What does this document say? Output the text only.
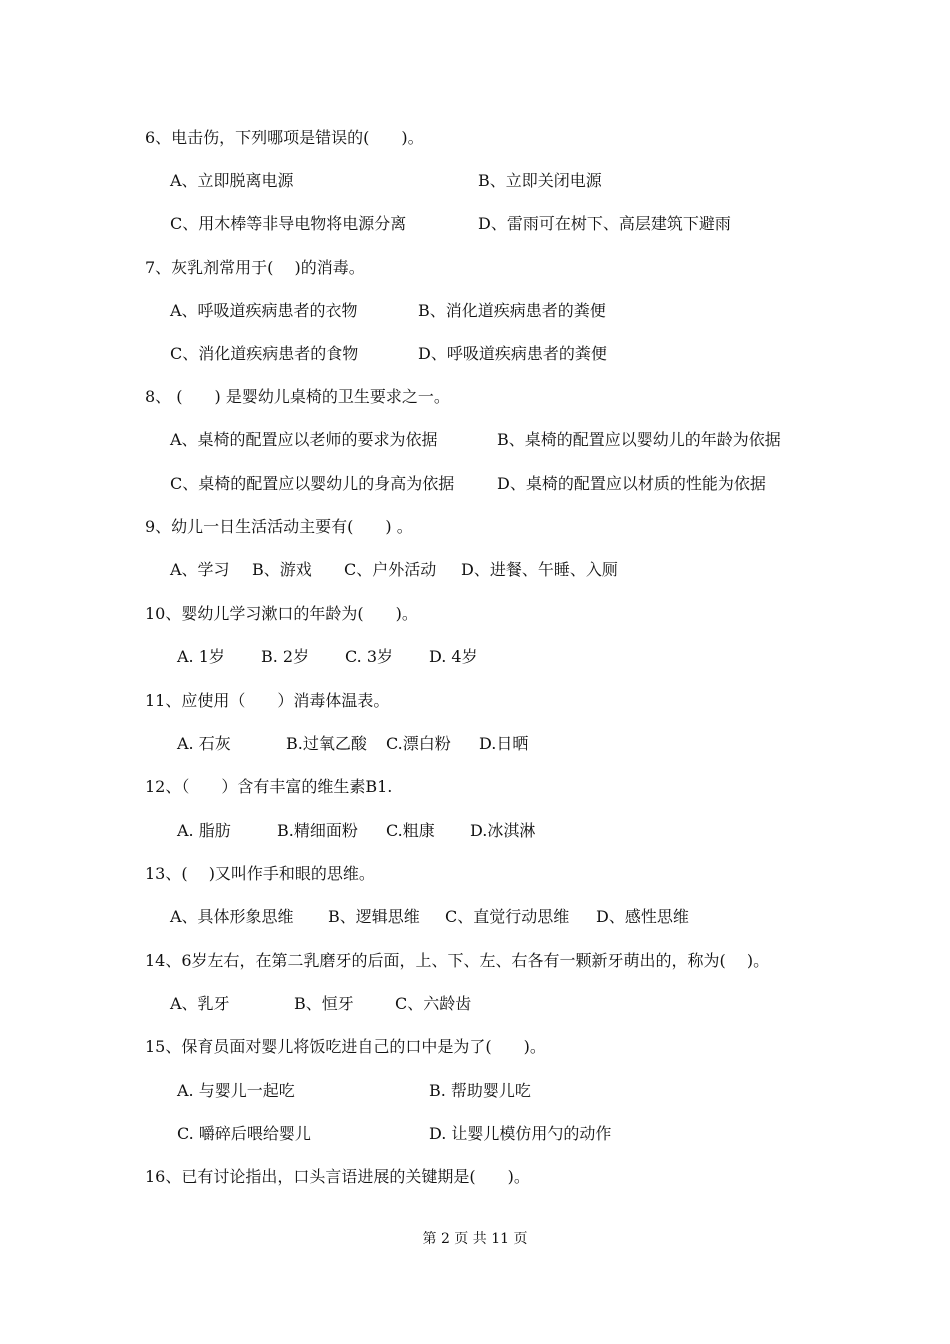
6、电击伤，下列哪项是错误的(　　)。
A、立即脱离电源	B、立即关闭电源
C、用木棒等非导电物将电源分离	D、雷雨可在树下、高层建筑下避雨
7、灰乳剂常用于(　 )的消毒。
A、呼吸道疾病患者的衣物	B、消化道疾病患者的粪便
C、消化道疾病患者的食物	D、呼吸道疾病患者的粪便
8、 (　　) 是婴幼儿桌椅的卫生要求之一。
A、桌椅的配置应以老师的要求为依据	B、桌椅的配置应以婴幼儿的年龄为依据
C、桌椅的配置应以婴幼儿的身高为依据	D、桌椅的配置应以材质的性能为依据
9、幼儿一日生活活动主要有(　　) 。
A、学习 B、游戏 C、户外活动 D、进餐、午睡、入厕
10、婴幼儿学习漱口的年龄为(　　)。
A. 1岁 B. 2岁 C. 3岁 D. 4岁
11、应使用（　　）消毒体温表。
A. 石灰	B.过氧乙酸 C.漂白粉 D.日晒
12、（　　）含有丰富的维生素B1.
A. 脂肪	B.精细面粉 C.粗康 D.冰淇淋
13、(　 )又叫作手和眼的思维。
A、具体形象思维 B、逻辑思维 C、直觉行动思维 D、感性思维
14、6岁左右，在第二乳磨牙的后面，上、下、左、右各有一颗新牙萌出的，称为(　 )。
A、乳牙	B、恒牙	C、六龄齿
15、保育员面对婴儿将饭吃进自己的口中是为了(　　)。
A. 与婴儿一起吃	B. 帮助婴儿吃
C. 嚼碎后喂给婴儿	D. 让婴儿模仿用勺的动作
16、已有讨论指出，口头言语进展的关键期是(　　)。
第 2 页 共 11 页
